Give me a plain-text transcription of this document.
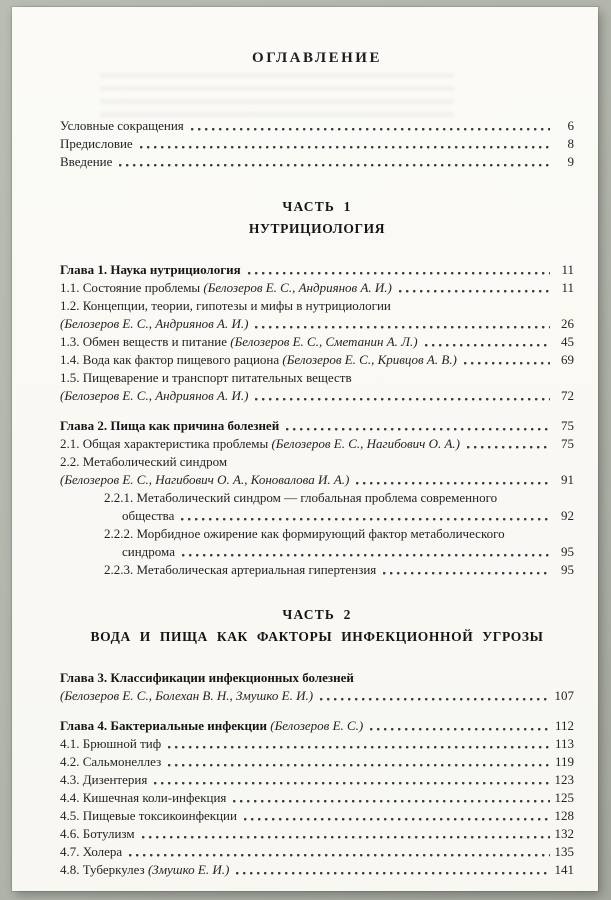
ОГЛАВЛЕНИЕ
Условные сокращения	6
Предисловие	8
Введение	9
ЧАСТЬ 1
НУТРИЦИОЛОГИЯ
Глава 1. Наука нутрициология	11
1.1. Состояние проблемы (Белозеров Е. С., Андриянов А. И.)	11
1.2. Концепции, теории, гипотезы и мифы в нутрициологии
(Белозеров Е. С., Андриянов А. И.)	26
1.3. Обмен веществ и питание (Белозеров Е. С., Сметанин А. Л.)	45
1.4. Вода как фактор пищевого рациона (Белозеров Е. С., Кривцов А. В.)	69
1.5. Пищеварение и транспорт питательных веществ
(Белозеров Е. С., Андриянов А. И.)	72
Глава 2. Пища как причина болезней	75
2.1. Общая характеристика проблемы (Белозеров Е. С., Нагибович О. А.)	75
2.2. Метаболический синдром
(Белозеров Е. С., Нагибович О. А., Коновалова И. А.)	91
2.2.1. Метаболический синдром — глобальная проблема современного
общества	92
2.2.2. Морбидное ожирение как формирующий фактор метаболического
синдрома	95
2.2.3. Метаболическая артериальная гипертензия	95
ЧАСТЬ 2
ВОДА И ПИЩА КАК ФАКТОРЫ ИНФЕКЦИОННОЙ УГРОЗЫ
Глава 3. Классификации инфекционных болезней
(Белозеров Е. С., Болехан В. Н., Змушко Е. И.)	107
Глава 4. Бактериальные инфекции (Белозеров Е. С.)	112
4.1. Брюшной тиф	113
4.2. Сальмонеллез	119
4.3. Дизентерия	123
4.4. Кишечная коли-инфекция	125
4.5. Пищевые токсикоинфекции	128
4.6. Ботулизм	132
4.7. Холера	135
4.8. Туберкулез (Змушко Е. И.)	141
